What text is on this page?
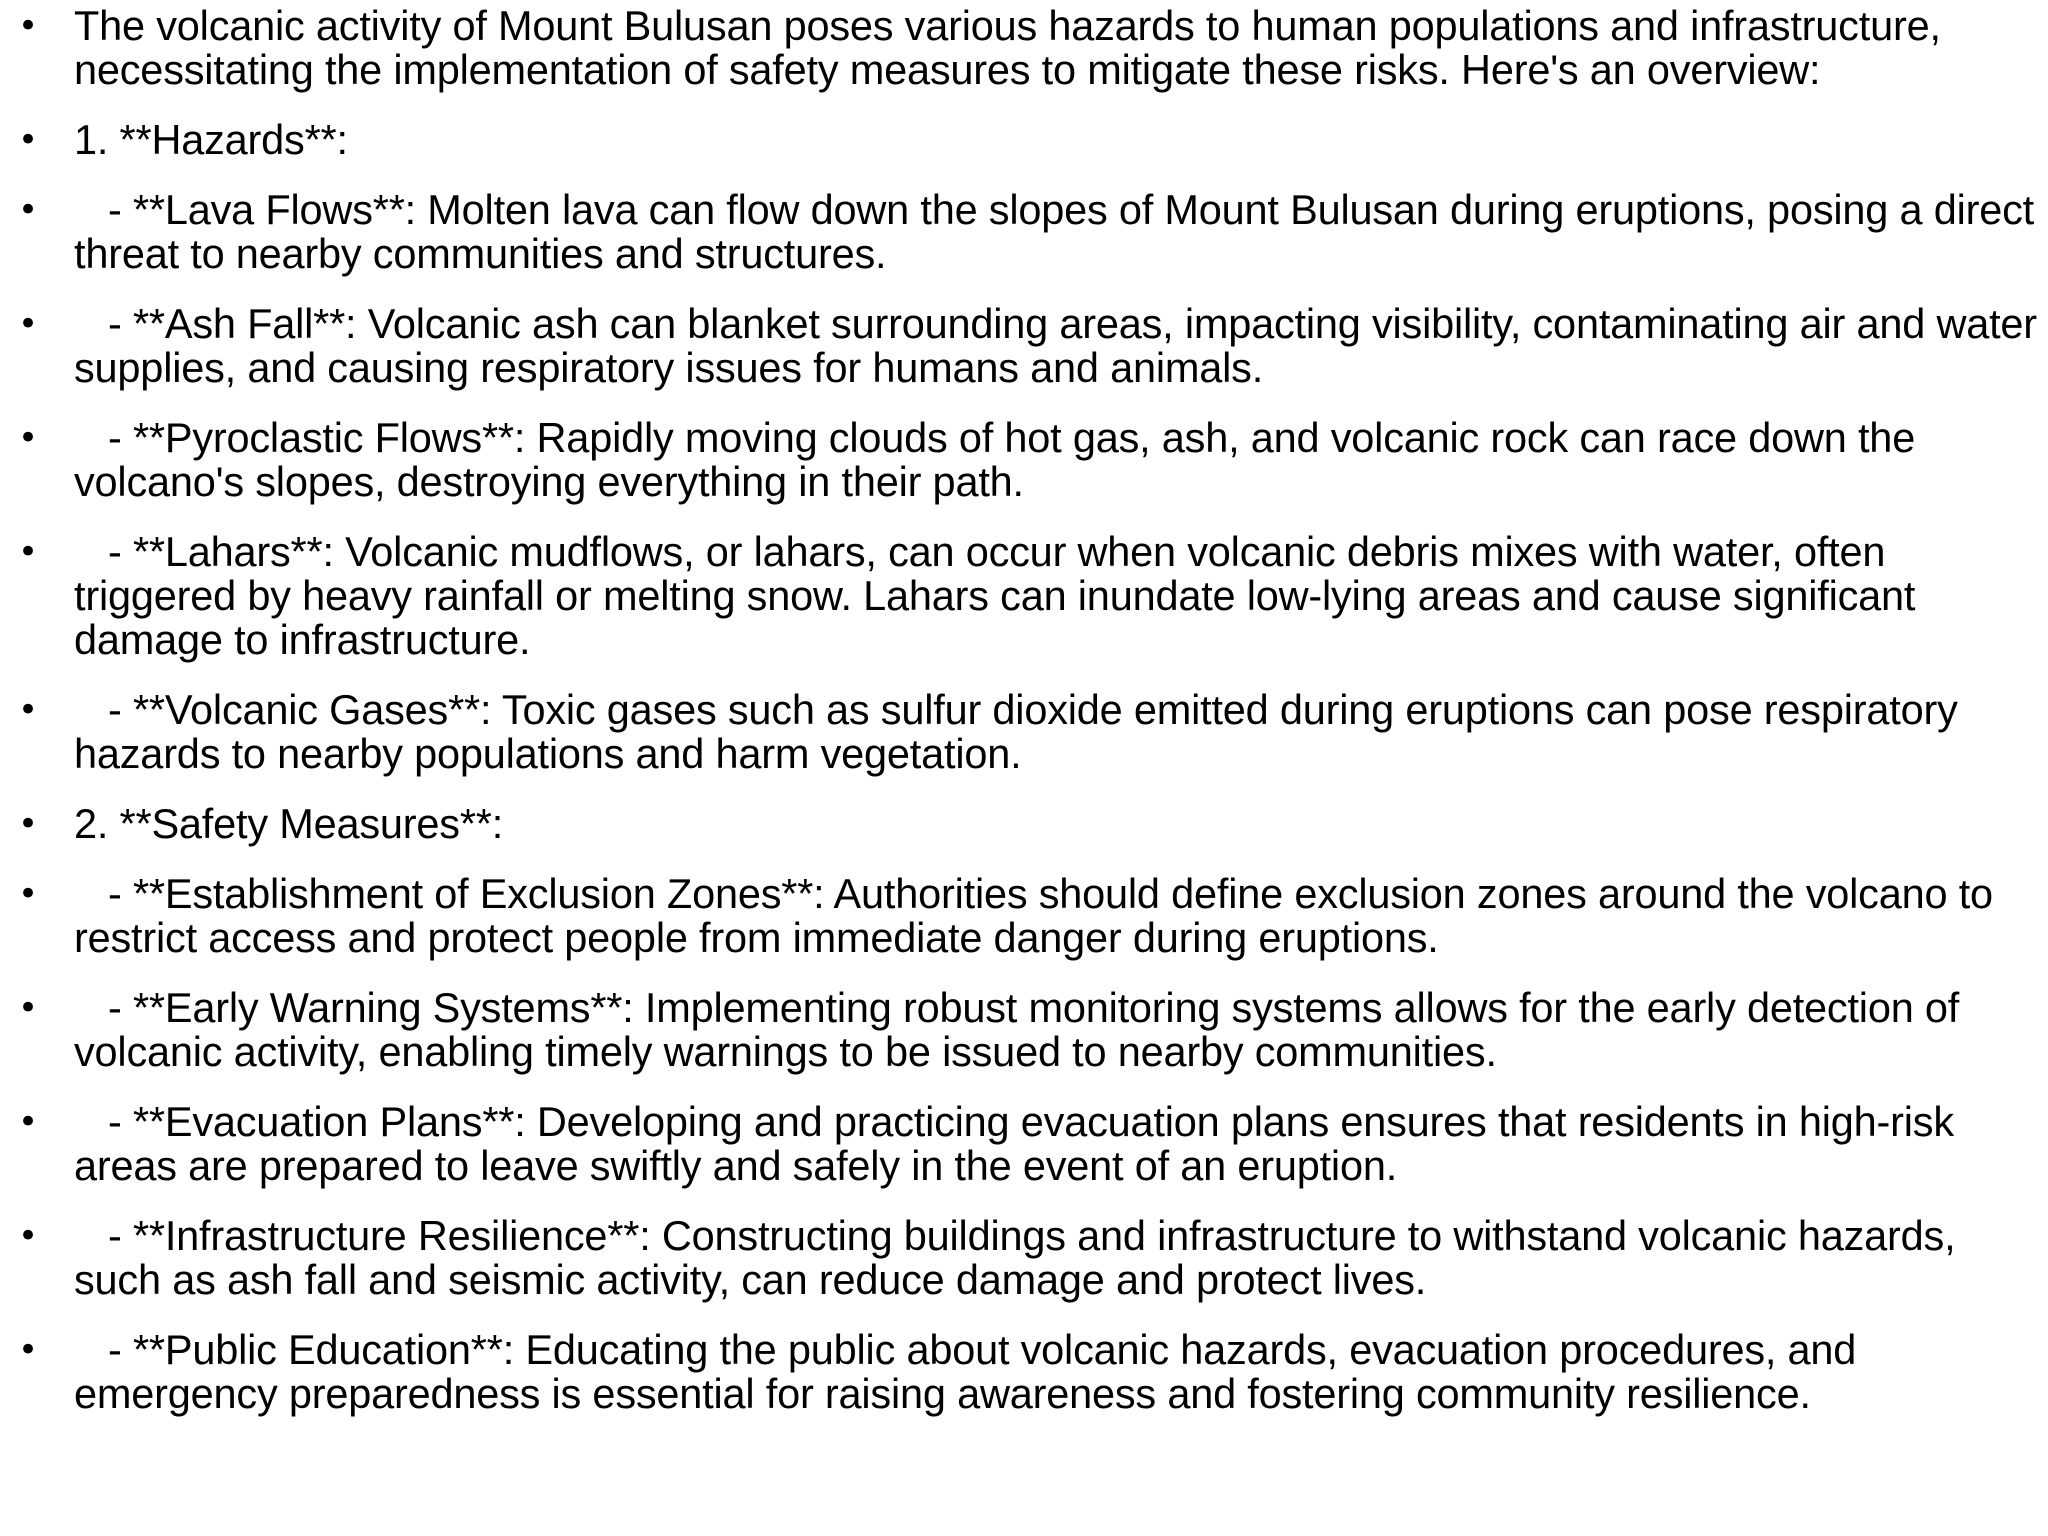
• The volcanic activity of Mount Bulusan poses various hazards to human populations and infrastructure, necessitating the implementation of safety measures to mitigate these risks. Here's an overview:
• 1. **Hazards**:
• - **Lava Flows**: Molten lava can flow down the slopes of Mount Bulusan during eruptions, posing a direct threat to nearby communities and structures.
• - **Ash Fall**: Volcanic ash can blanket surrounding areas, impacting visibility, contaminating air and water supplies, and causing respiratory issues for humans and animals.
• - **Pyroclastic Flows**: Rapidly moving clouds of hot gas, ash, and volcanic rock can race down the volcano's slopes, destroying everything in their path.
• - **Lahars**: Volcanic mudflows, or lahars, can occur when volcanic debris mixes with water, often triggered by heavy rainfall or melting snow. Lahars can inundate low-lying areas and cause significant damage to infrastructure.
• - **Volcanic Gases**: Toxic gases such as sulfur dioxide emitted during eruptions can pose respiratory hazards to nearby populations and harm vegetation.
• 2. **Safety Measures**:
• - **Establishment of Exclusion Zones**: Authorities should define exclusion zones around the volcano to restrict access and protect people from immediate danger during eruptions.
• - **Early Warning Systems**: Implementing robust monitoring systems allows for the early detection of volcanic activity, enabling timely warnings to be issued to nearby communities.
• - **Evacuation Plans**: Developing and practicing evacuation plans ensures that residents in high-risk areas are prepared to leave swiftly and safely in the event of an eruption.
• - **Infrastructure Resilience**: Constructing buildings and infrastructure to withstand volcanic hazards, such as ash fall and seismic activity, can reduce damage and protect lives.
• - **Public Education**: Educating the public about volcanic hazards, evacuation procedures, and emergency preparedness is essential for raising awareness and fostering community resilience.
